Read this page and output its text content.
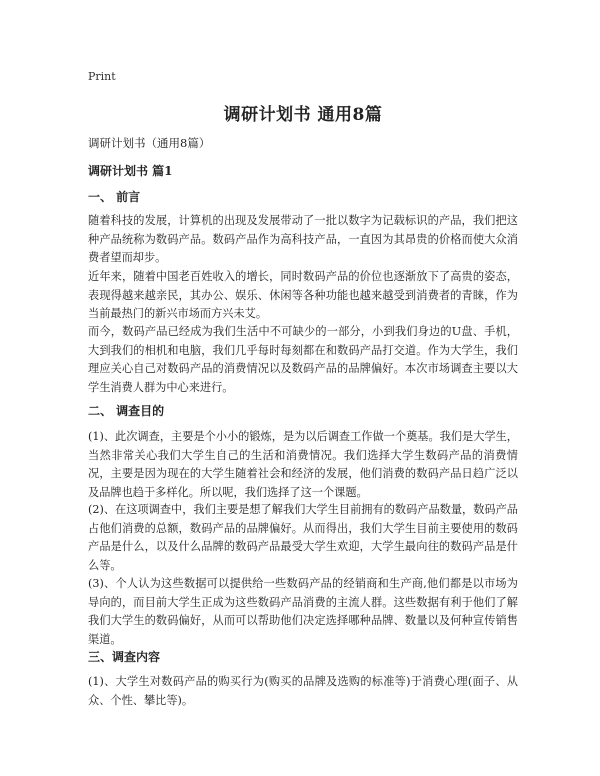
Print
调研计划书 通用8篇
调研计划书（通用8篇）
调研计划书 篇1
一、 前言

随着科技的发展，计算机的出现及发展带动了一批以数字为记载标识的产品，我们把这种产品统称为数码产品。数码产品作为高科技产品，一直因为其昂贵的价格而使大众消费者望而却步。

近年来，随着中国老百姓收入的增长，同时数码产品的价位也逐渐放下了高贵的姿态，表现得越来越亲民，其办公、娱乐、休闲等各种功能也越来越受到消费者的青睐，作为当前最热门的新兴市场而方兴未艾。

而今，数码产品已经成为我们生活中不可缺少的一部分，小到我们身边的U盘、手机，大到我们的相机和电脑，我们几乎每时每刻都在和数码产品打交道。作为大学生，我们理应关心自己对数码产品的消费情况以及数码产品的品牌偏好。本次市场调查主要以大学生消费人群为中心来进行。

二、 调查目的

(1)、此次调查，主要是个小小的锻炼，是为以后调查工作做一个奠基。我们是大学生，当然非常关心我们大学生自己的生活和消费情况。我们选择大学生数码产品的消费情况，主要是因为现在的大学生随着社会和经济的发展，他们消费的数码产品日趋广泛以及品牌也趋于多样化。所以呢，我们选择了这一个课题。

(2)、在这项调查中，我们主要是想了解我们大学生目前拥有的数码产品数量，数码产品占他们消费的总额，数码产品的品牌偏好。从而得出，我们大学生目前主要使用的数码产品是什么，以及什么品牌的数码产品最受大学生欢迎，大学生最向往的数码产品是什么等。

(3)、个人认为这些数据可以提供给一些数码产品的经销商和生产商,他们都是以市场为导向的，而目前大学生正成为这些数码产品消费的主流人群。这些数据有利于他们了解我们大学生的数码偏好，从而可以帮助他们决定选择哪种品牌、数量以及何种宣传销售渠道。

三、调查内容

(1)、大学生对数码产品的购买行为(购买的品牌及选购的标准等)于消费心理(面子、从众、个性、攀比等)。
